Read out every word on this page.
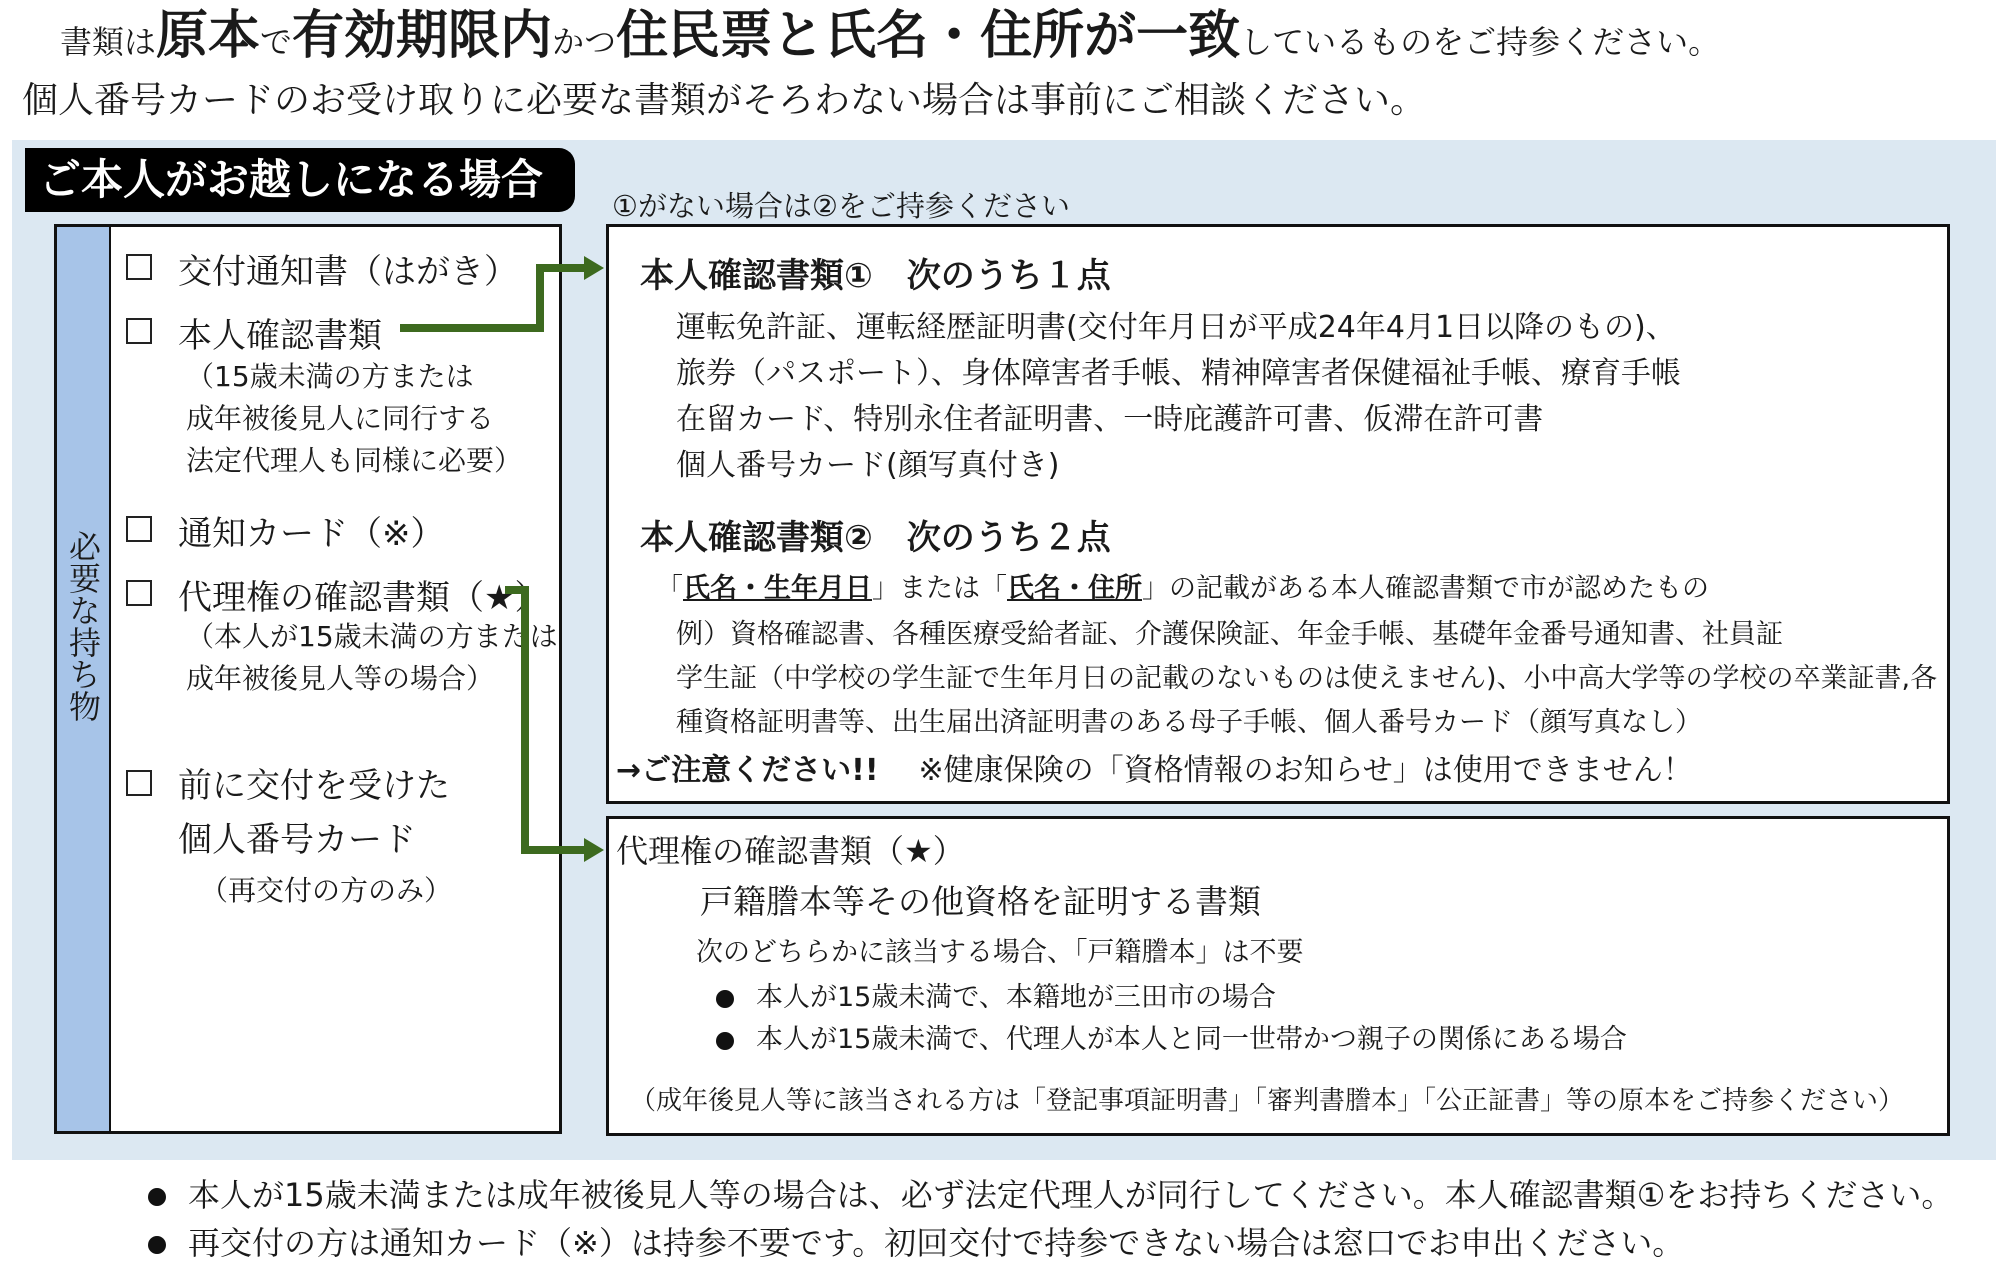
書類は原本で有効期限内かつ住民票と氏名・住所が一致しているものをご持参ください。
個人番号カードのお受け取りに必要な書類がそろわない場合は事前にご相談ください。
ご本人がお越しになる場合
①がない場合は②をご持参ください
必要な持ち物
交付通知書（はがき）
本人確認書類
（15歳未満の方または
成年被後見人に同行する
法定代理人も同様に必要）
通知カード（※）
代理権の確認書類（★）
（本人が15歳未満の方または
成年被後見人等の場合）
前に交付を受けた
個人番号カード
（再交付の方のみ）
本人確認書類①　次のうち１点
運転免許証、運転経歴証明書(交付年月日が平成24年4月1日以降のもの)、
旅券（パスポート）、身体障害者手帳、精神障害者保健福祉手帳、療育手帳
在留カード、特別永住者証明書、一時庇護許可書、仮滞在許可書
個人番号カード(顔写真付き)
本人確認書類②　次のうち２点
「氏名・生年月日」または「氏名・住所」の記載がある本人確認書類で市が認めたもの
例）資格確認書、各種医療受給者証、介護保険証、年金手帳、基礎年金番号通知書、社員証
学生証（中学校の学生証で生年月日の記載のないものは使えません)、小中高大学等の学校の卒業証書,各
種資格証明書等、出生届出済証明書のある母子手帳、個人番号カード（顔写真なし）
→ご注意ください!! ※健康保険の「資格情報のお知らせ」は使用できません！
代理権の確認書類（★）
戸籍謄本等その他資格を証明する書類
次のどちらかに該当する場合、「戸籍謄本」は不要
本人が15歳未満で、本籍地が三田市の場合
本人が15歳未満で、代理人が本人と同一世帯かつ親子の関係にある場合
（成年後見人等に該当される方は「登記事項証明書」「審判書謄本」「公正証書」等の原本をご持参ください）
本人が15歳未満または成年被後見人等の場合は、必ず法定代理人が同行してください。本人確認書類①をお持ちください。
再交付の方は通知カード（※）は持参不要です。初回交付で持参できない場合は窓口でお申出ください。
